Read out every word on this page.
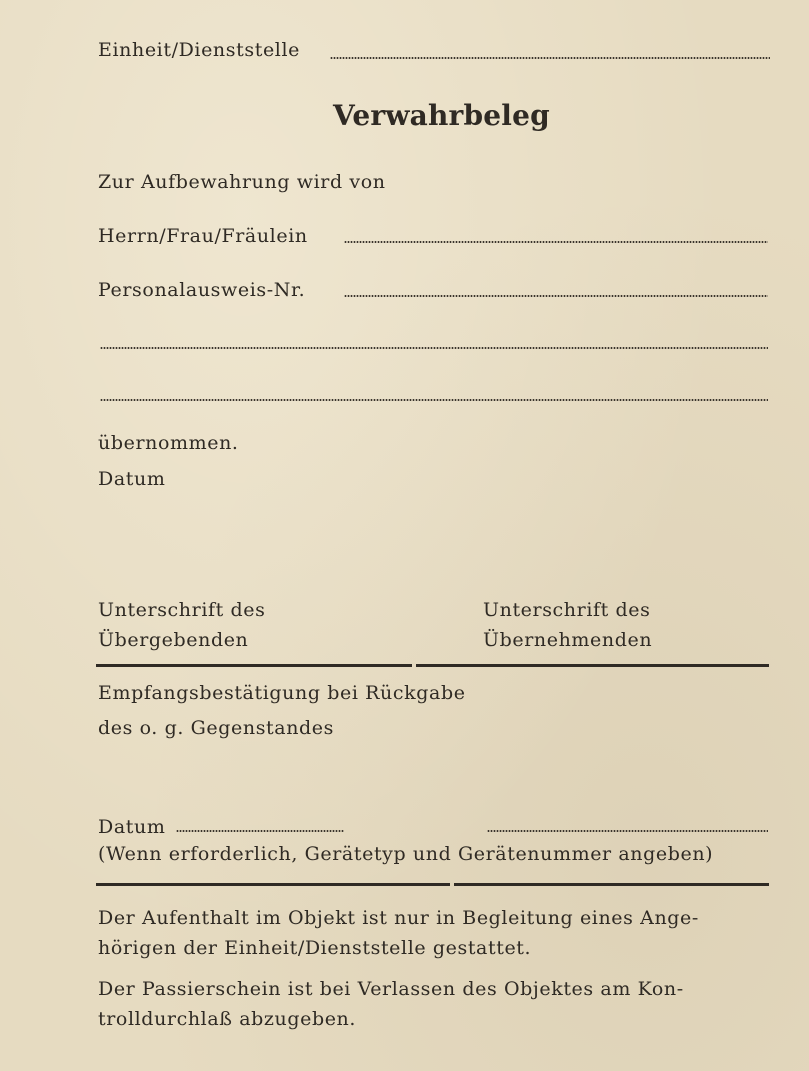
Einheit/Dienststelle
Verwahrbeleg
Zur Aufbewahrung wird von
Herrn/Frau/Fräulein
Personalausweis-Nr.
übernommen.
Datum
Unterschrift des
Übergebenden
Unterschrift des
Übernehmenden
Empfangsbestätigung bei Rückgabe
des o. g. Gegenstandes
Datum
(Wenn erforderlich, Gerätetyp und Gerätenummer angeben)
Der Aufenthalt im Objekt ist nur in Begleitung eines Ange-
hörigen der Einheit/Dienststelle gestattet.
Der Passierschein ist bei Verlassen des Objektes am Kon-
trolldurchlaß abzugeben.
